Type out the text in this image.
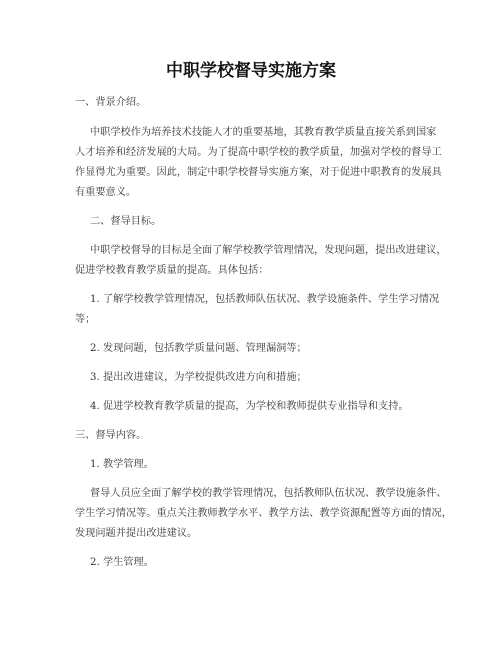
中职学校督导实施方案
一、背景介绍。
中职学校作为培养技术技能人才的重要基地，其教育教学质量直接关系到国家
人才培养和经济发展的大局。为了提高中职学校的教学质量，加强对学校的督导工
作显得尤为重要。因此，制定中职学校督导实施方案，对于促进中职教育的发展具
有重要意义。
二、督导目标。
中职学校督导的目标是全面了解学校教学管理情况，发现问题，提出改进建议，
促进学校教育教学质量的提高。具体包括：
1. 了解学校教学管理情况，包括教师队伍状况、教学设施条件、学生学习情况
等；
2. 发现问题，包括教学质量问题、管理漏洞等；
3. 提出改进建议，为学校提供改进方向和措施；
4. 促进学校教育教学质量的提高，为学校和教师提供专业指导和支持。
三、督导内容。
1. 教学管理。
督导人员应全面了解学校的教学管理情况，包括教师队伍状况、教学设施条件、
学生学习情况等。重点关注教师教学水平、教学方法、教学资源配置等方面的情况，
发现问题并提出改进建议。
2. 学生管理。
